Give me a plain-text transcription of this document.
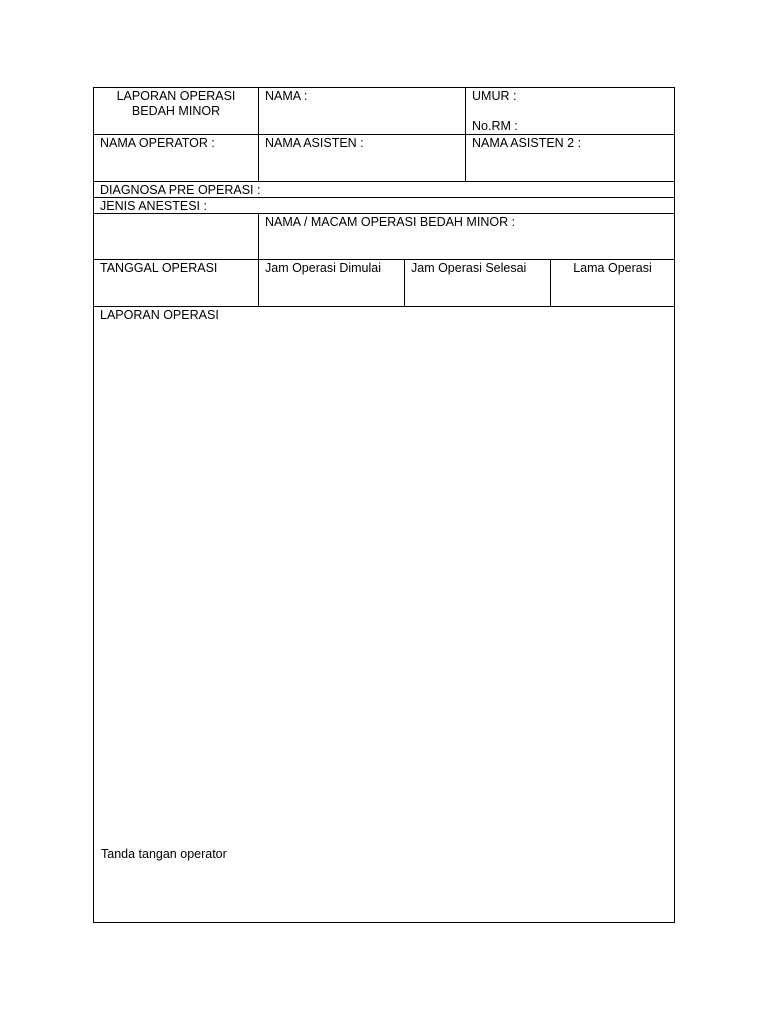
LAPORAN OPERASI
BEDAH MINOR
NAMA :	UMUR :
No.RM :
NAMA OPERATOR :	NAMA ASISTEN :	NAMA ASISTEN 2 :
DIAGNOSA PRE OPERASI :
JENIS ANESTESI :
NAMA / MACAM OPERASI BEDAH MINOR :
TANGGAL OPERASI	Jam Operasi Dimulai	Jam Operasi Selesai	Lama Operasi
LAPORAN OPERASI
Tanda tangan operator
